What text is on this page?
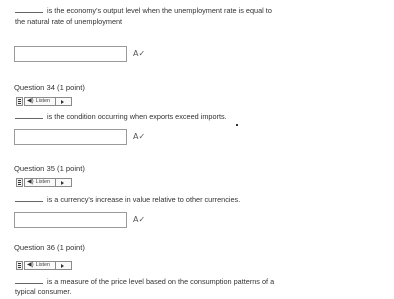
is the economy's output level when the unemployment rate is equal to
the natural rate of unemployment
A✓
Question 34 (1 point)
◀) Listen
is the condition occurring when exports exceed imports.
A✓
Question 35 (1 point)
◀) Listen
is a currency's increase in value relative to other currencies.
A✓
Question 36 (1 point)
◀) Listen
is a measure of the price level based on the consumption patterns of a
typical consumer.
